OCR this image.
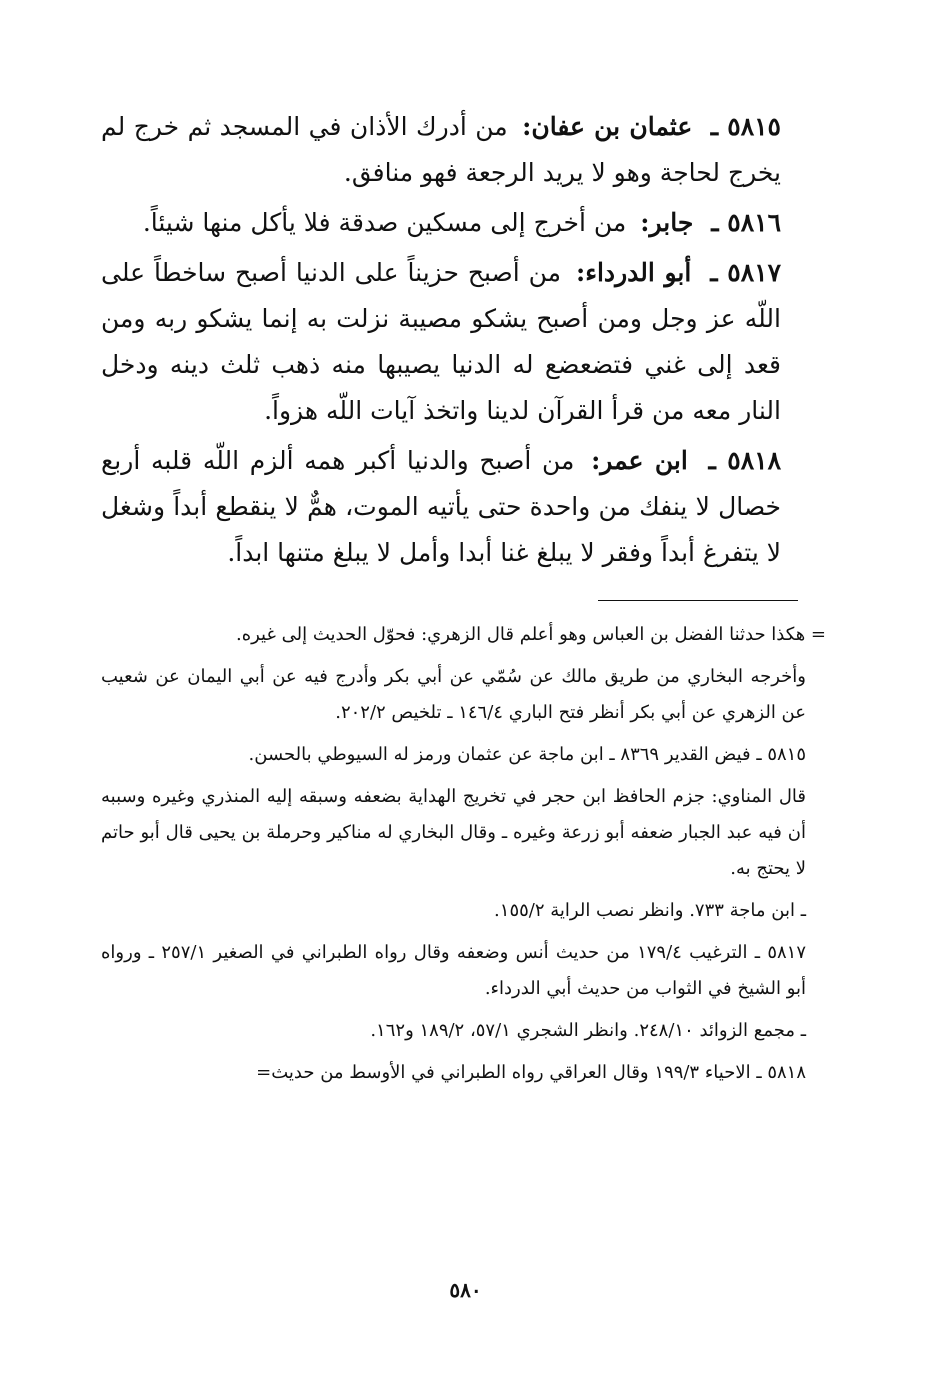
٥٨١٥ ـ عثمان بن عفان: من أدرك الأذان في المسجد ثم خرج لم يخرج لحاجة وهو لا يريد الرجعة فهو منافق.

٥٨١٦ ـ جابر: من أخرج إلى مسكين صدقة فلا يأكل منها شيئاً.

٥٨١٧ ـ أبو الدرداء: من أصبح حزيناً على الدنيا أصبح ساخطاً على اللّه عز وجل ومن أصبح يشكو مصيبة نزلت به إنما يشكو ربه ومن قعد إلى غني فتضعضع له الدنيا يصيبها منه ذهب ثلث دينه ودخل النار معه من قرأ القرآن لدينا واتخذ آيات اللّه هزواً.

٥٨١٨ ـ ابن عمر: من أصبح والدنيا أكبر همه ألزم اللّه قلبه أربع خصال لا ينفك من واحدة حتى يأتيه الموت، همٌّ لا ينقطع أبداً وشغل لا يتفرغ أبداً وفقر لا يبلغ غنا أبدا وأمل لا يبلغ متنها ابداً.

= هكذا حدثنا الفضل بن العباس وهو أعلم قال الزهري: فحوّل الحديث إلى غيره.

وأخرجه البخاري من طريق مالك عن سُمّي عن أبي بكر وأدرج فيه عن أبي اليمان عن شعيب عن الزهري عن أبي بكر أنظر فتح الباري ١٤٦/٤ ـ تلخيص ٢٠٢/٢.

٥٨١٥ ـ فيض القدير ٨٣٦٩ ـ ابن ماجة عن عثمان ورمز له السيوطي بالحسن.

قال المناوي: جزم الحافظ ابن حجر في تخريج الهداية بضعفه وسبقه إليه المنذري وغيره وسببه أن فيه عبد الجبار ضعفه أبو زرعة وغيره ـ وقال البخاري له مناكير وحرملة بن يحيى قال أبو حاتم لا يحتج به.

ـ ابن ماجة ٧٣٣. وانظر نصب الراية ١٥٥/٢.

٥٨١٧ ـ الترغيب ١٧٩/٤ من حديث أنس وضعفه وقال رواه الطبراني في الصغير ٢٥٧/١ ـ ورواه أبو الشيخ في الثواب من حديث أبي الدرداء.

ـ مجمع الزوائد ٢٤٨/١٠. وانظر الشجري ٥٧/١، ١٨٩/٢ و١٦٢.

٥٨١٨ ـ الاحياء ١٩٩/٣ وقال العراقي رواه الطبراني في الأوسط من حديث=

٥٨٠
